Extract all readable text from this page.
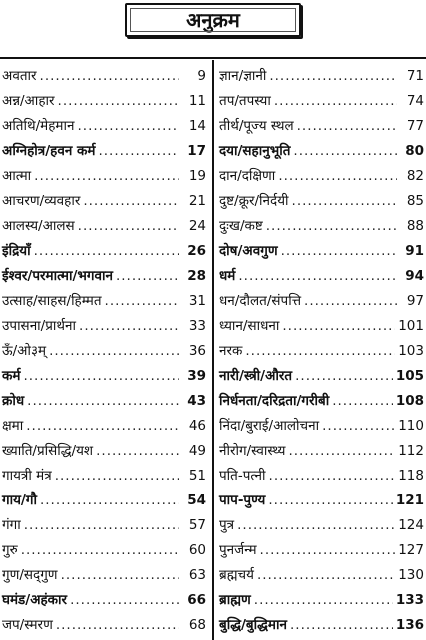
अनुक्रम
अवतार .....	9
अन्न/आहार .....	11
अतिथि/मेहमान .....	14
अग्निहोत्र/हवन कर्म .....	17
आत्मा .....	19
आचरण/व्यवहार .....	21
आलस्य/आलस .....	24
इंद्रियाँ .....	26
ईश्वर/परमात्मा/भगवान .....	28
उत्साह/साहस/हिम्मत .....	31
उपासना/प्रार्थना .....	33
ऊँ/ओ३म् .....	36
कर्म .....	39
क्रोध .....	43
क्षमा .....	46
ख्याति/प्रसिद्धि/यश .....	49
गायत्री मंत्र .....	51
गाय/गौ .....	54
गंगा .....	57
गुरु .....	60
गुण/सद्‌गुण .....	63
घमंड/अहंकार .....	66
जप/स्मरण .....	68
ज्ञान/ज्ञानी .....	71
तप/तपस्या .....	74
तीर्थ/पूज्य स्थल .....	77
दया/सहानुभूति .....	80
दान/दक्षिणा .....	82
दुष्ट/क्रूर/निर्दयी .....	85
दुःख/कष्ट .....	88
दोष/अवगुण .....	91
धर्म .....	94
धन/दौलत/संपत्ति .....	97
ध्यान/साधना .....	101
नरक .....	103
नारी/स्त्री/औरत .....	105
निर्धनता/दरिद्रता/गरीबी .....	108
निंदा/बुराई/आलोचना .....	110
नीरोग/स्वास्थ्य .....	112
पति-पत्नी .....	118
पाप-पुण्य .....	121
पुत्र .....	124
पुनर्जन्म .....	127
ब्रह्मचर्य .....	130
ब्राह्मण .....	133
बुद्धि/बुद्धिमान .....	136
